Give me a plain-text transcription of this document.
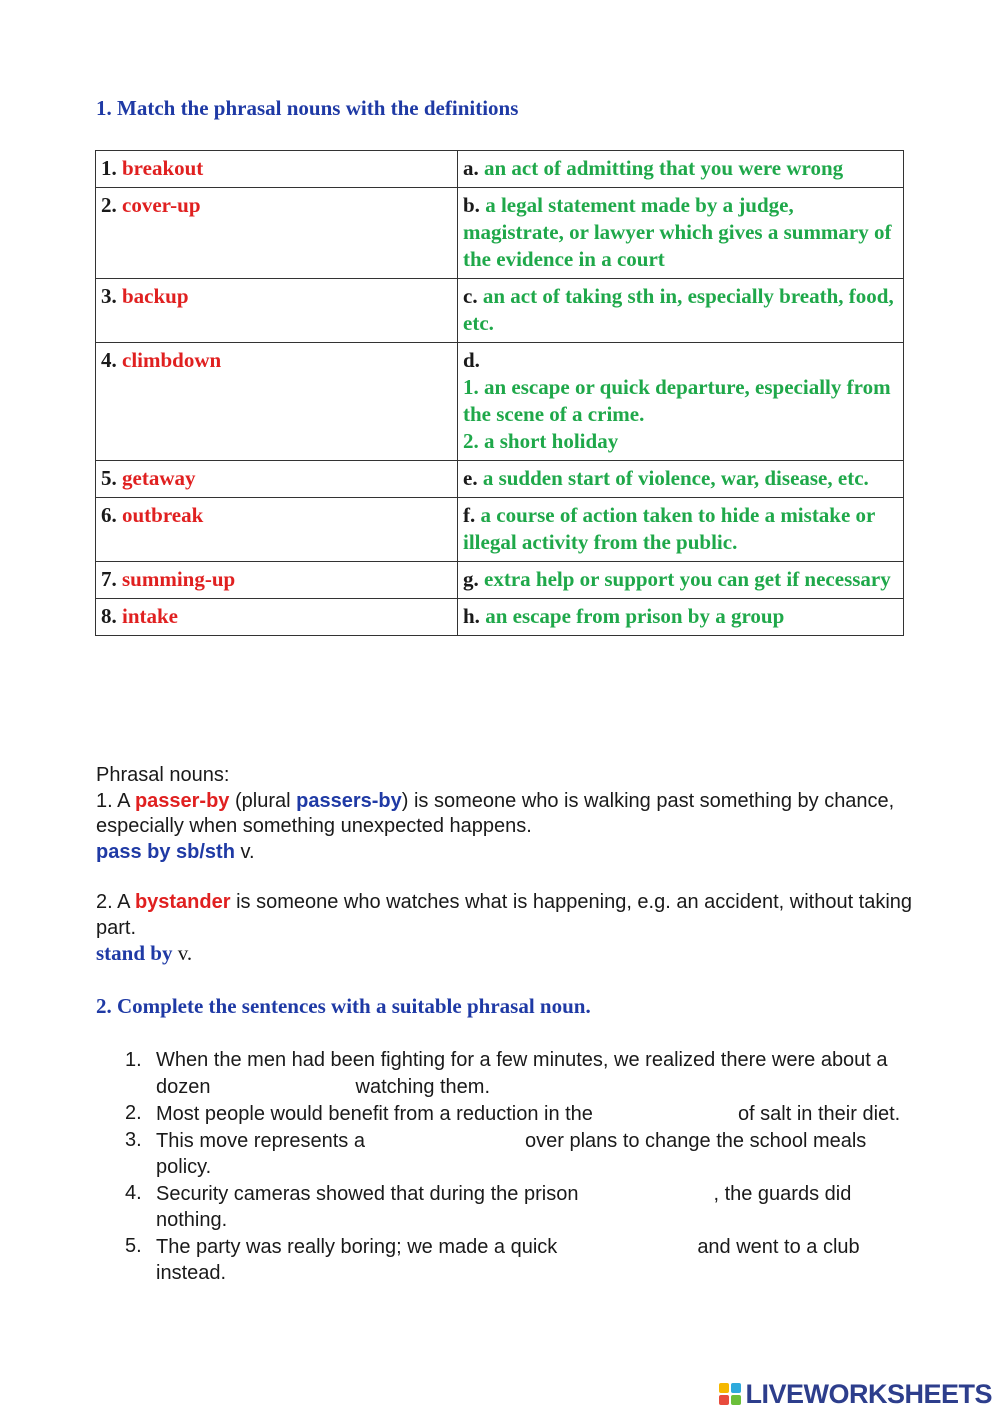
1. Match the phrasal nouns with the definitions
1. breakout	a. an act of admitting that you were wrong
2. cover-up	b. a legal statement made by a judge, magistrate, or lawyer which gives a summary of the evidence in a court
3. backup	c. an act of taking sth in, especially breath, food, etc.
4. climbdown	d.
1. an escape or quick departure, especially from the scene of a crime.
2. a short holiday
5. getaway	e. a sudden start of violence, war, disease, etc.
6. outbreak	f. a course of action taken to hide a mistake or illegal activity from the public.
7. summing-up	g. extra help or support you can get if necessary
8. intake	h. an escape from prison by a group

Phrasal nouns:

1. A passer-by (plural passers-by) is someone who is walking past something by chance, especially when something unexpected happens.

pass by sb/sth v.

2. A bystander is someone who watches what is happening, e.g. an accident, without taking part.

stand by v.

2. Complete the sentences with a suitable phrasal noun.
1. When the men had been fighting for a few minutes, we realized there were about a dozen	watching them.
2. Most people would benefit from a reduction in the	of salt in their diet.
3. This move represents a	over plans to change the school meals policy.
4. Security cameras showed that during the prison	, the guards did nothing.
5. The party was really boring; we made a quick	and went to a club instead.
LIVEWORKSHEETS
